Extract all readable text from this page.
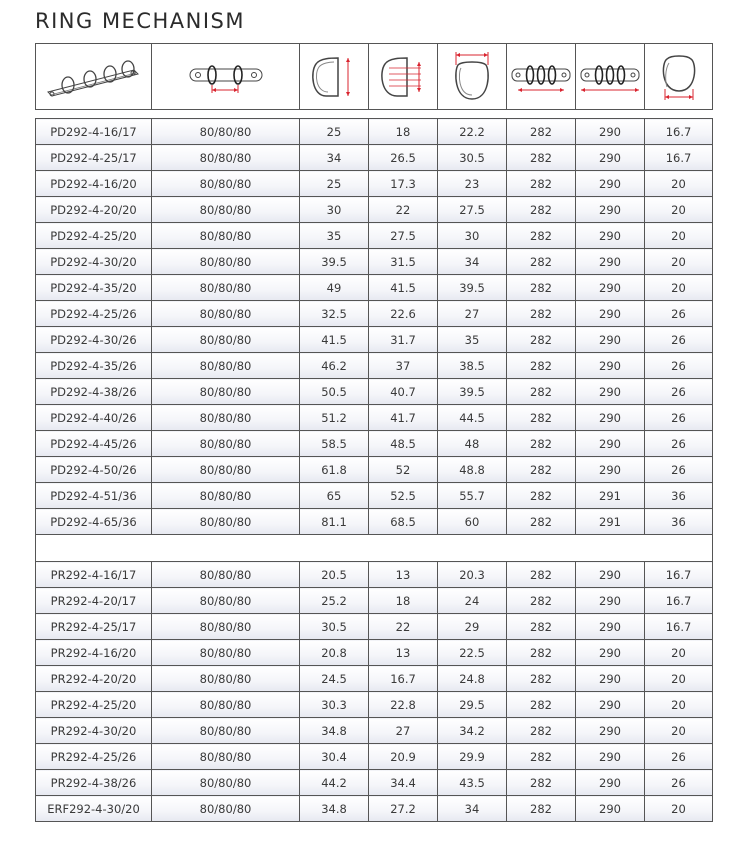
RING MECHANISM

PD292-4-16/17	80/80/80	25	18	22.2	282	290	16.7
PD292-4-25/17	80/80/80	34	26.5	30.5	282	290	16.7
PD292-4-16/20	80/80/80	25	17.3	23	282	290	20
PD292-4-20/20	80/80/80	30	22	27.5	282	290	20
PD292-4-25/20	80/80/80	35	27.5	30	282	290	20
PD292-4-30/20	80/80/80	39.5	31.5	34	282	290	20
PD292-4-35/20	80/80/80	49	41.5	39.5	282	290	20
PD292-4-25/26	80/80/80	32.5	22.6	27	282	290	26
PD292-4-30/26	80/80/80	41.5	31.7	35	282	290	26
PD292-4-35/26	80/80/80	46.2	37	38.5	282	290	26
PD292-4-38/26	80/80/80	50.5	40.7	39.5	282	290	26
PD292-4-40/26	80/80/80	51.2	41.7	44.5	282	290	26
PD292-4-45/26	80/80/80	58.5	48.5	48	282	290	26
PD292-4-50/26	80/80/80	61.8	52	48.8	282	290	26
PD292-4-51/36	80/80/80	65	52.5	55.7	282	291	36
PD292-4-65/36	80/80/80	81.1	68.5	60	282	291	36

PR292-4-16/17	80/80/80	20.5	13	20.3	282	290	16.7
PR292-4-20/17	80/80/80	25.2	18	24	282	290	16.7
PR292-4-25/17	80/80/80	30.5	22	29	282	290	16.7
PR292-4-16/20	80/80/80	20.8	13	22.5	282	290	20
PR292-4-20/20	80/80/80	24.5	16.7	24.8	282	290	20
PR292-4-25/20	80/80/80	30.3	22.8	29.5	282	290	20
PR292-4-30/20	80/80/80	34.8	27	34.2	282	290	20
PR292-4-25/26	80/80/80	30.4	20.9	29.9	282	290	26
PR292-4-38/26	80/80/80	44.2	34.4	43.5	282	290	26
ERF292-4-30/20	80/80/80	34.8	27.2	34	282	290	20
